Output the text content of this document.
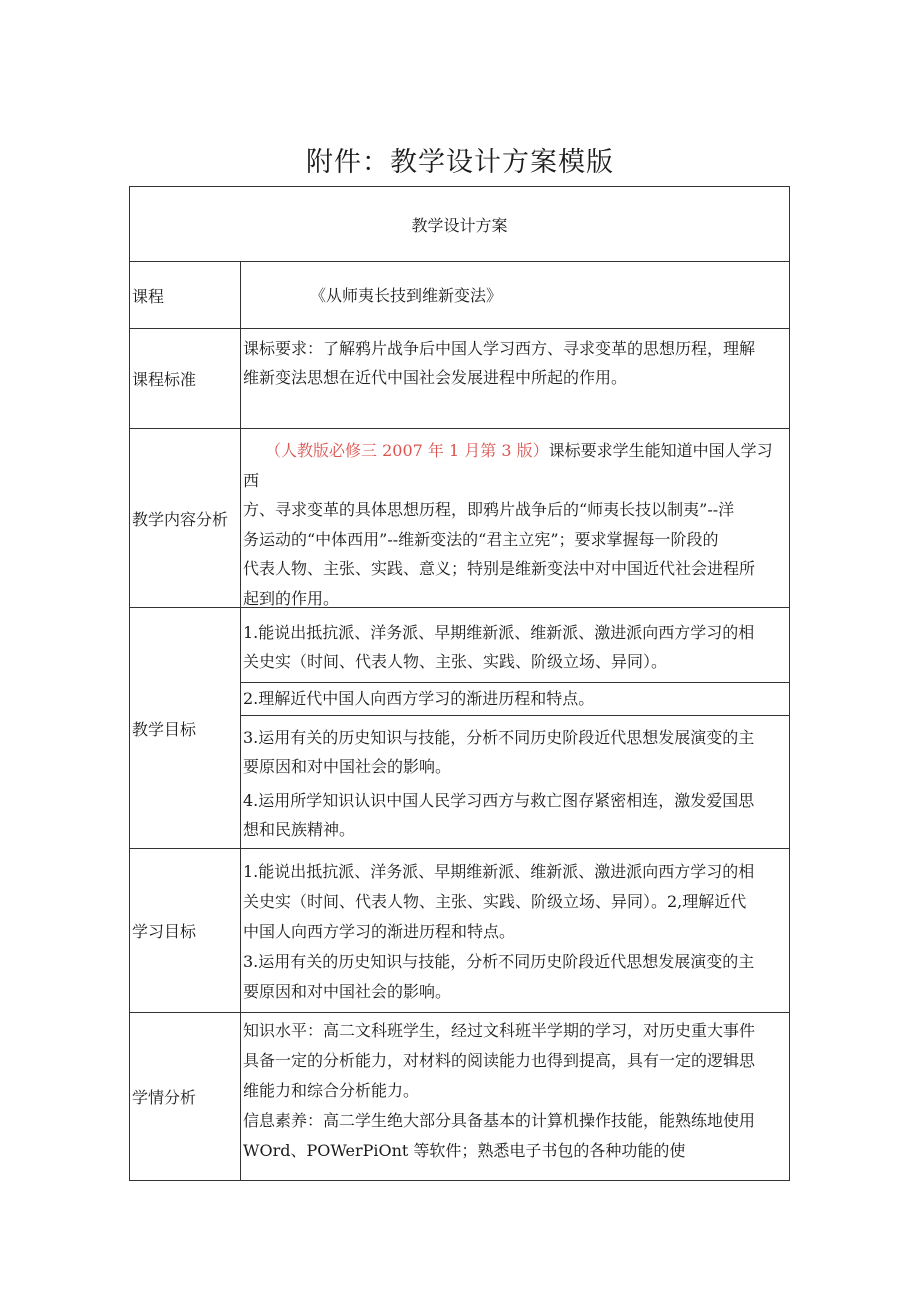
附件：教学设计方案模版
教学设计方案
课程	《从师夷长技到维新变法》
课程标准
课标要求：了解鸦片战争后中国人学习西方、寻求变革的思想历程，理解
维新变法思想在近代中国社会发展进程中所起的作用。
教学内容分析
（人教版必修三 2007 年 1 月第 3 版）课标要求学生能知道中国人学习西
方、寻求变革的具体思想历程，即鸦片战争后的“师夷长技以制夷”--洋
务运动的“中体西用”--维新变法的“君主立宪”；要求掌握每一阶段的
代表人物、主张、实践、意义；特别是维新变法中对中国近代社会进程所
起到的作用。
教学目标
1.能说出抵抗派、洋务派、早期维新派、维新派、激进派向西方学习的相
关史实（时间、代表人物、主张、实践、阶级立场、异同）。
2.理解近代中国人向西方学习的渐进历程和特点。
3.运用有关的历史知识与技能，分析不同历史阶段近代思想发展演变的主
要原因和对中国社会的影响。
4.运用所学知识认识中国人民学习西方与救亡图存紧密相连，激发爱国思
想和民族精神。
学习目标
1.能说出抵抗派、洋务派、早期维新派、维新派、激进派向西方学习的相
关史实（时间、代表人物、主张、实践、阶级立场、异同）。2,理解近代
中国人向西方学习的渐进历程和特点。
3.运用有关的历史知识与技能，分析不同历史阶段近代思想发展演变的主
要原因和对中国社会的影响。
学情分析
知识水平：高二文科班学生，经过文科班半学期的学习，对历史重大事件
具备一定的分析能力，对材料的阅读能力也得到提高，具有一定的逻辑思
维能力和综合分析能力。
信息素养：高二学生绝大部分具备基本的计算机操作技能，能熟练地使用
WOrd、POWerPiOnt 等软件；熟悉电子书包的各种功能的使
